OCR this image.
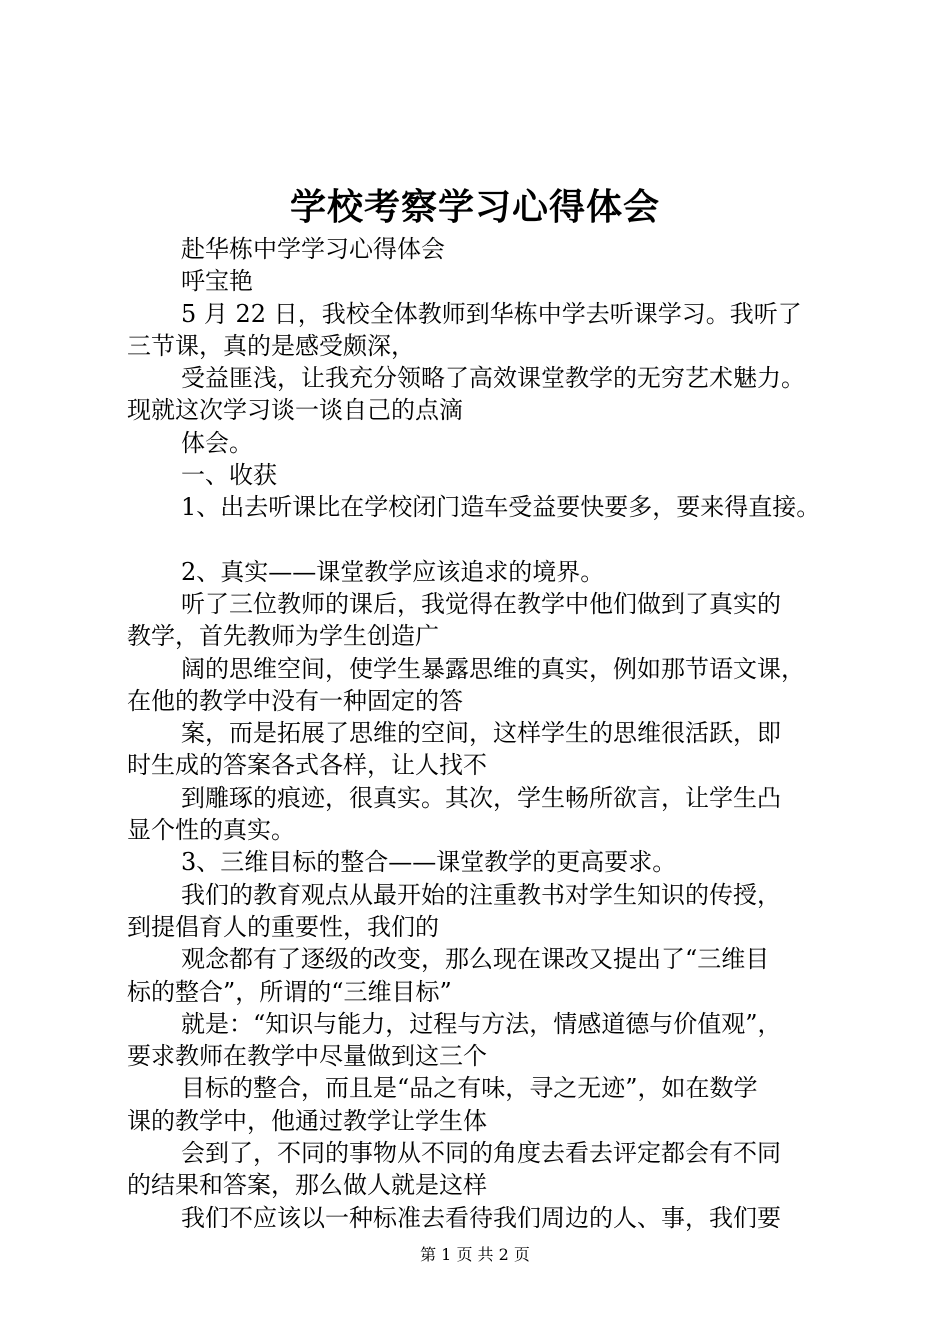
学校考察学习心得体会
赴华栋中学学习心得体会
呼宝艳
5 月 22 日，我校全体教师到华栋中学去听课学习。我听了
三节课，真的是感受颇深，
受益匪浅，让我充分领略了高效课堂教学的无穷艺术魅力。
现就这次学习谈一谈自己的点滴
体会。
一、收获
1、出去听课比在学校闭门造车受益要快要多，要来得直接。
2、真实——课堂教学应该追求的境界。
听了三位教师的课后，我觉得在教学中他们做到了真实的
教学，首先教师为学生创造广
阔的思维空间，使学生暴露思维的真实，例如那节语文课，
在他的教学中没有一种固定的答
案，而是拓展了思维的空间，这样学生的思维很活跃，即
时生成的答案各式各样，让人找不
到雕琢的痕迹，很真实。其次，学生畅所欲言，让学生凸
显个性的真实。
3、三维目标的整合——课堂教学的更高要求。
我们的教育观点从最开始的注重教书对学生知识的传授，
到提倡育人的重要性，我们的
观念都有了逐级的改变，那么现在课改又提出了“三维目
标的整合”，所谓的“三维目标”
就是：“知识与能力，过程与方法，情感道德与价值观”，
要求教师在教学中尽量做到这三个
目标的整合，而且是“品之有味，寻之无迹”，如在数学
课的教学中，他通过教学让学生体
会到了，不同的事物从不同的角度去看去评定都会有不同
的结果和答案，那么做人就是这样
我们不应该以一种标准去看待我们周边的人、事，我们要
第 1 页 共 2 页
